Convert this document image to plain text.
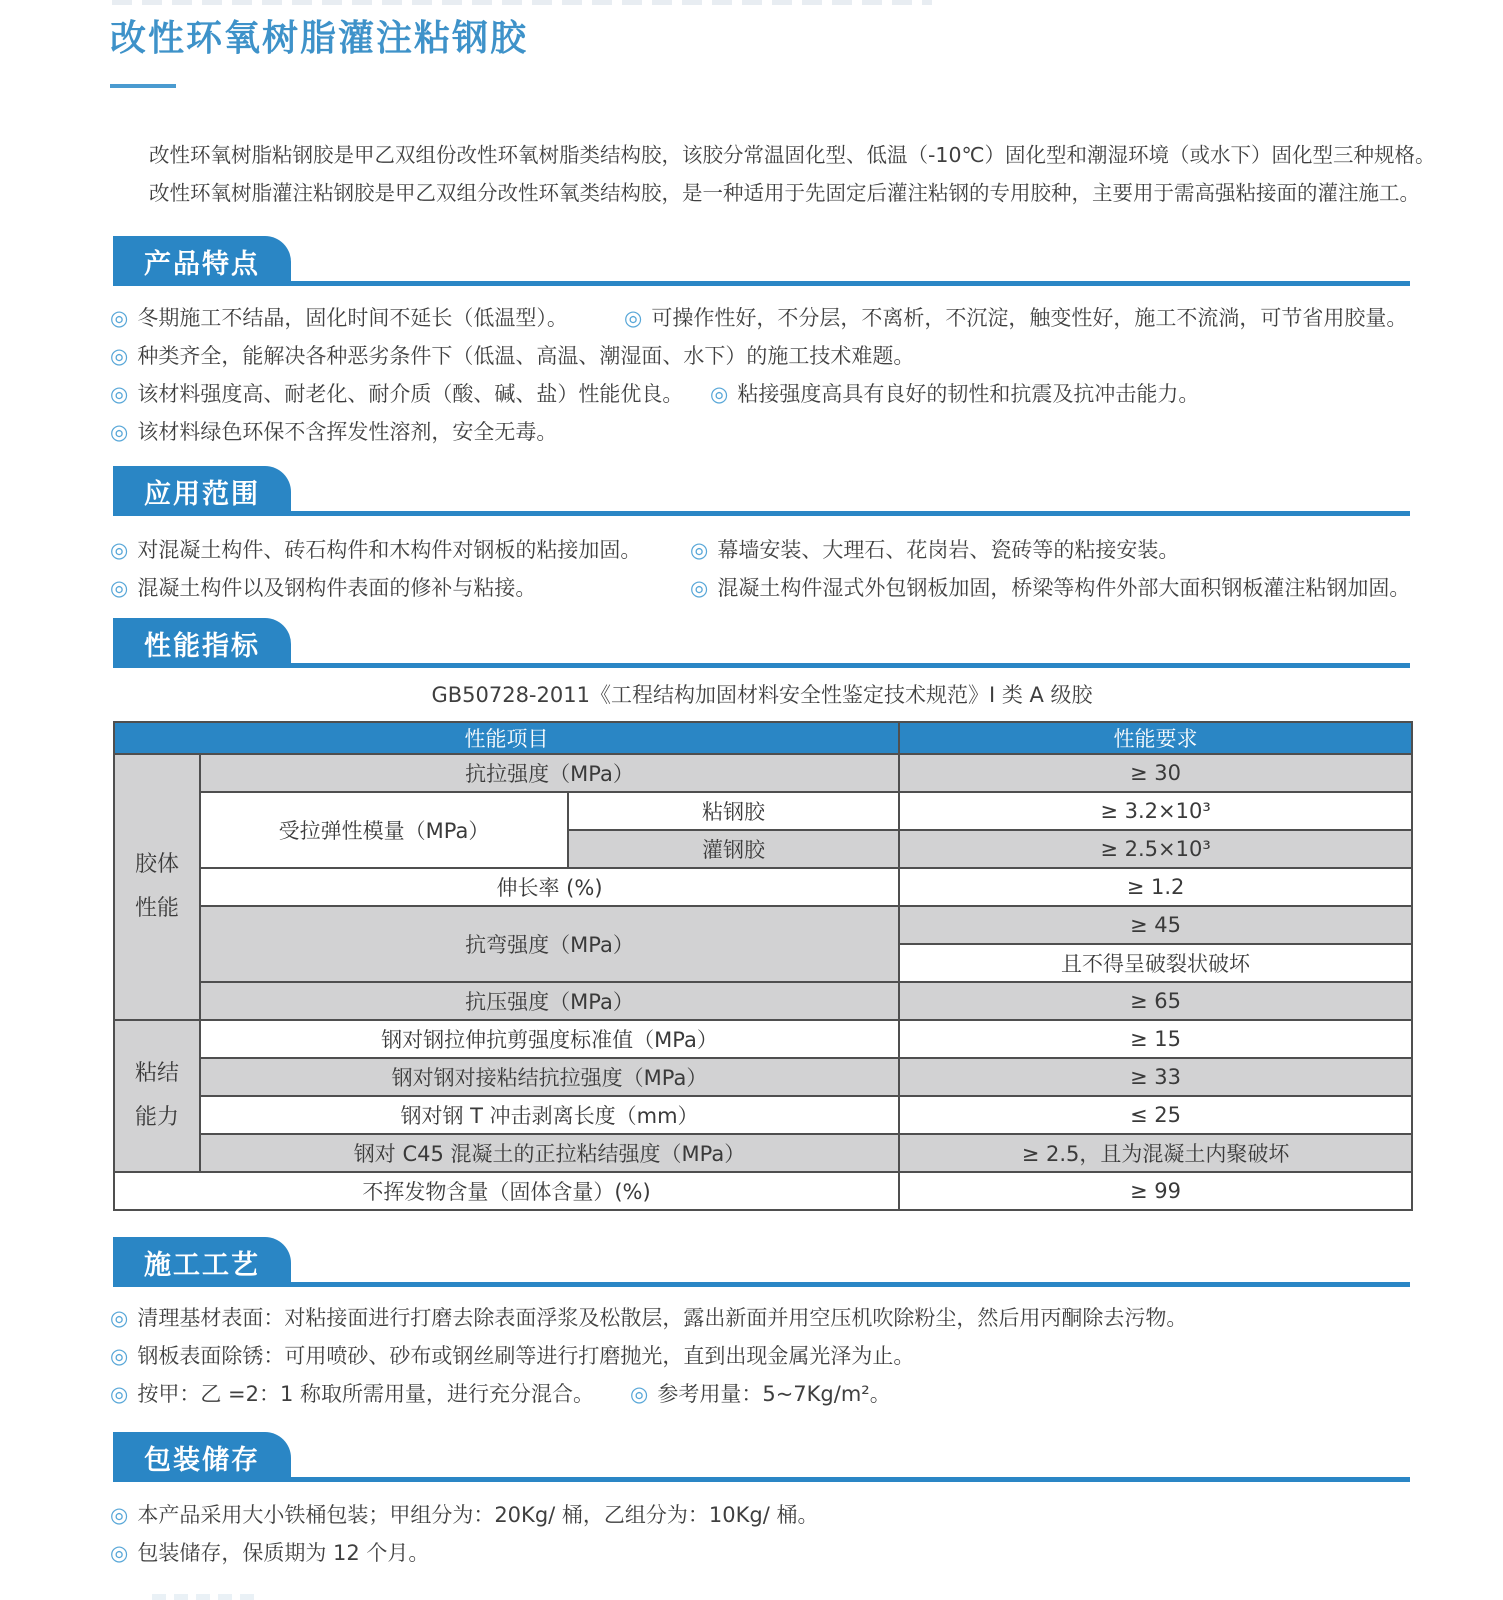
改性环氧树脂灌注粘钢胶
改性环氧树脂粘钢胶是甲乙双组份改性环氧树脂类结构胶，该胶分常温固化型、低温（-10℃）固化型和潮湿环境（或水下）固化型三种规格。
改性环氧树脂灌注粘钢胶是甲乙双组分改性环氧类结构胶，是一种适用于先固定后灌注粘钢的专用胶种，主要用于需高强粘接面的灌注施工。
产品特点
◎ 冬期施工不结晶，固化时间不延长（低温型）。	◎ 可操作性好，不分层，不离析，不沉淀，触变性好，施工不流淌，可节省用胶量。
◎ 种类齐全，能解决各种恶劣条件下（低温、高温、潮湿面、水下）的施工技术难题。
◎ 该材料强度高、耐老化、耐介质（酸、碱、盐）性能优良。 ◎ 粘接强度高具有良好的韧性和抗震及抗冲击能力。
◎ 该材料绿色环保不含挥发性溶剂，安全无毒。
应用范围
◎ 对混凝土构件、砖石构件和木构件对钢板的粘接加固。 ◎ 幕墙安装、大理石、花岗岩、瓷砖等的粘接安装。
◎ 混凝土构件以及钢构件表面的修补与粘接。	◎ 混凝土构件湿式外包钢板加固，桥梁等构件外部大面积钢板灌注粘钢加固。
性能指标
GB50728-2011《工程结构加固材料安全性鉴定技术规范》I 类 A 级胶
性能项目			性能要求
胶体性能	抗拉强度（MPa）		≥ 30
	受拉弹性模量（MPa）	粘钢胶	≥ 3.2×10³
		灌钢胶	≥ 2.5×10³
	伸长率 (%)		≥ 1.2
	抗弯强度（MPa）		≥ 45
			且不得呈破裂状破坏
	抗压强度（MPa）		≥ 65
粘结能力	钢对钢拉伸抗剪强度标准值（MPa）		≥ 15
	钢对钢对接粘结抗拉强度（MPa）		≥ 33
	钢对钢 T 冲击剥离长度（mm）		≤ 25
	钢对 C45 混凝土的正拉粘结强度（MPa）		≥ 2.5，且为混凝土内聚破坏
不挥发物含量（固体含量）(%)			≥ 99
施工工艺
◎ 清理基材表面：对粘接面进行打磨去除表面浮浆及松散层，露出新面并用空压机吹除粉尘，然后用丙酮除去污物。
◎ 钢板表面除锈：可用喷砂、砂布或钢丝刷等进行打磨抛光，直到出现金属光泽为止。
◎ 按甲：乙 =2：1 称取所需用量，进行充分混合。 ◎ 参考用量：5~7Kg/m²。
包装储存
◎ 本产品采用大小铁桶包装；甲组分为：20Kg/ 桶，乙组分为：10Kg/ 桶。
◎ 包装储存，保质期为 12 个月。
